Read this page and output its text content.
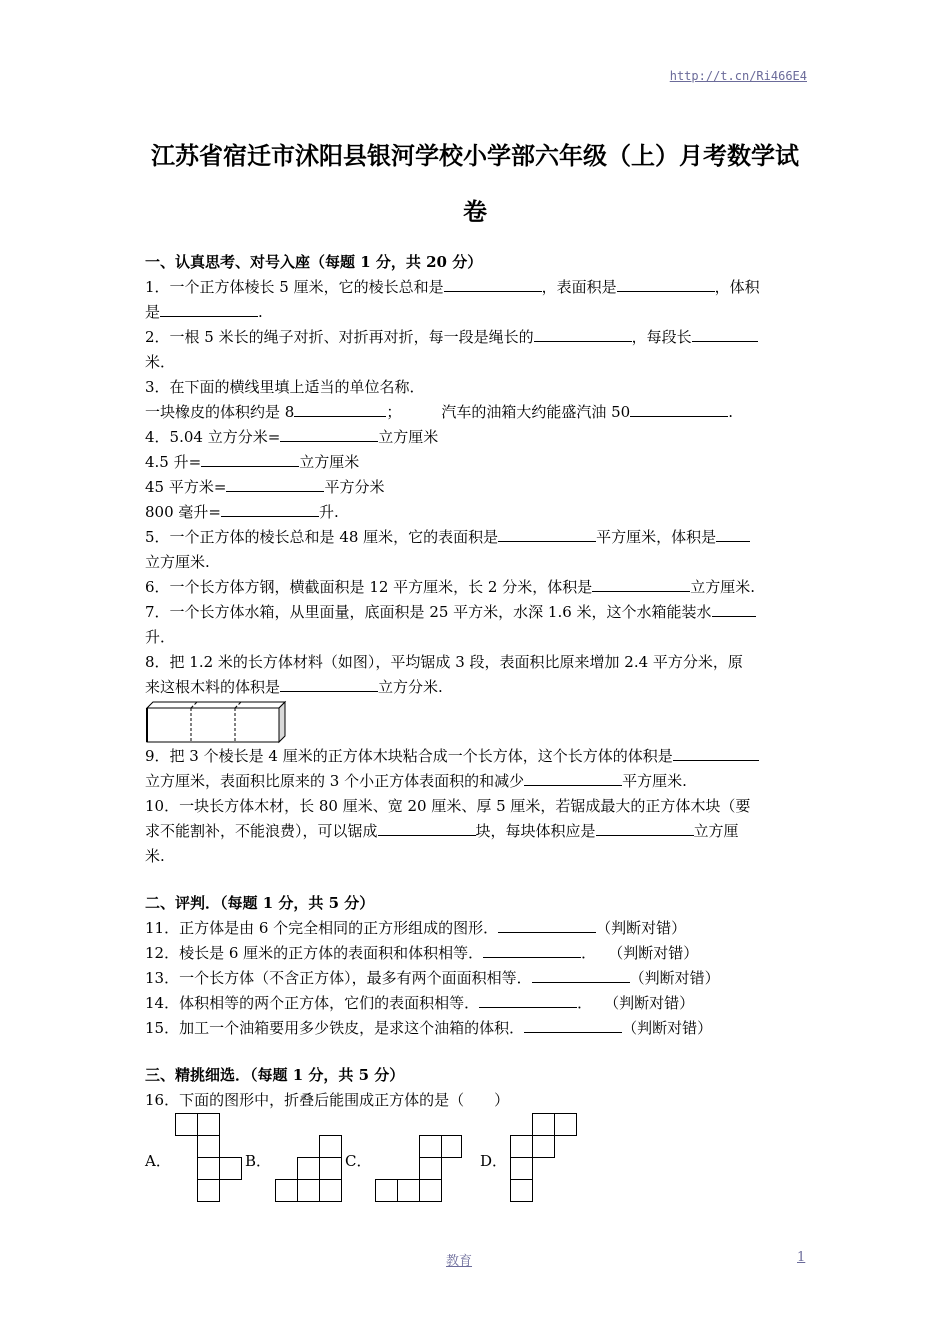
http://t.cn/Ri466E4
江苏省宿迁市沭阳县银河学校小学部六年级（上）月考数学试
卷
一、认真思考、对号入座（每题 1 分，共 20 分）
1．一个正方体棱长 5 厘米，它的棱长总和是	，表面积是	，体积
是	.
2．一根 5 米长的绳子对折、对折再对折，每一段是绳长的	，每段长
米．
3．在下面的横线里填上适当的单位名称．
一块橡皮的体积约是 8	；	汽车的油箱大约能盛汽油 50	.
4．5.04 立方分米=	立方厘米
4.5 升=	立方厘米
45 平方米=	平方分米
800 毫升=	升.
5．一个正方体的棱长总和是 48 厘米，它的表面积是	平方厘米，体积是
立方厘米.
6．一个长方体方钢，横截面积是 12 平方厘米，长 2 分米，体积是	立方厘米.
7．一个长方体水箱，从里面量，底面积是 25 平方米，水深 1.6 米，这个水箱能装水
升．
8．把 1.2 米的长方体材料（如图），平均锯成 3 段，表面积比原来增加 2.4 平方分米，原
来这根木料的体积是	立方分米.
9．把 3 个棱长是 4 厘米的正方体木块粘合成一个长方体，这个长方体的体积是
立方厘米，表面积比原来的 3 个小正方体表面积的和减少	平方厘米.
10．一块长方体木材，长 80 厘米、宽 20 厘米、厚 5 厘米，若锯成最大的正方体木块（要
求不能割补，不能浪费），可以锯成	块，每块体积应是	立方厘
米.
二、评判．（每题 1 分，共 5 分）
11．正方体是由 6 个完全相同的正方形组成的图形．	（判断对错）
12．棱长是 6 厘米的正方体的表面积和体积相等．	． （判断对错）
13．一个长方体（不含正方体），最多有两个面面积相等．	（判断对错）
14．体积相等的两个正方体，它们的表面积相等．	． （判断对错）
15．加工一个油箱要用多少铁皮，是求这个油箱的体积．	（判断对错）
三、精挑细选．（每题 1 分，共 5 分）
16．下面的图形中，折叠后能围成正方体的是（　　）
A．	B．	C．	D．
教育	1
